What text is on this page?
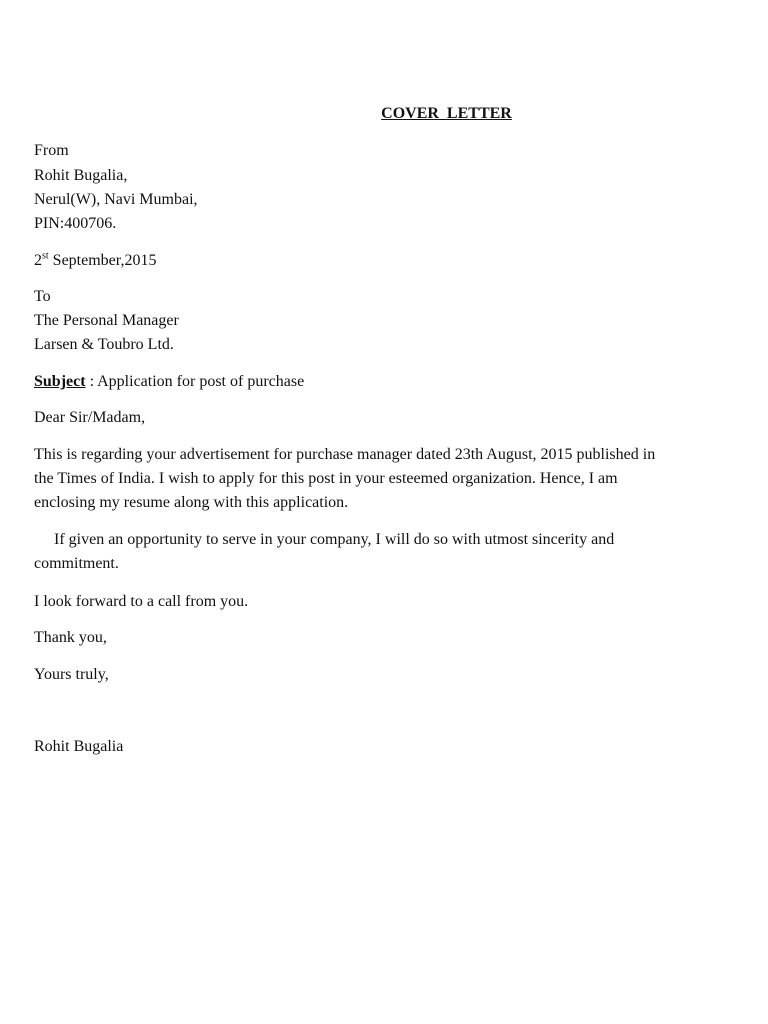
COVER  LETTER
From
Rohit Bugalia,
Nerul(W), Navi Mumbai,
PIN:400706.
2st September,2015
To
The Personal Manager
Larsen & Toubro Ltd.
Subject : Application for post of purchase
Dear Sir/Madam,
This is regarding your advertisement for purchase manager dated 23th August, 2015 published in
the Times of India. I wish to apply for this post in your esteemed organization. Hence, I am
enclosing my resume along with this application.
If given an opportunity to serve in your company, I will do so with utmost sincerity and
commitment.
I look forward to a call from you.
Thank you,
Yours truly,
Rohit Bugalia
